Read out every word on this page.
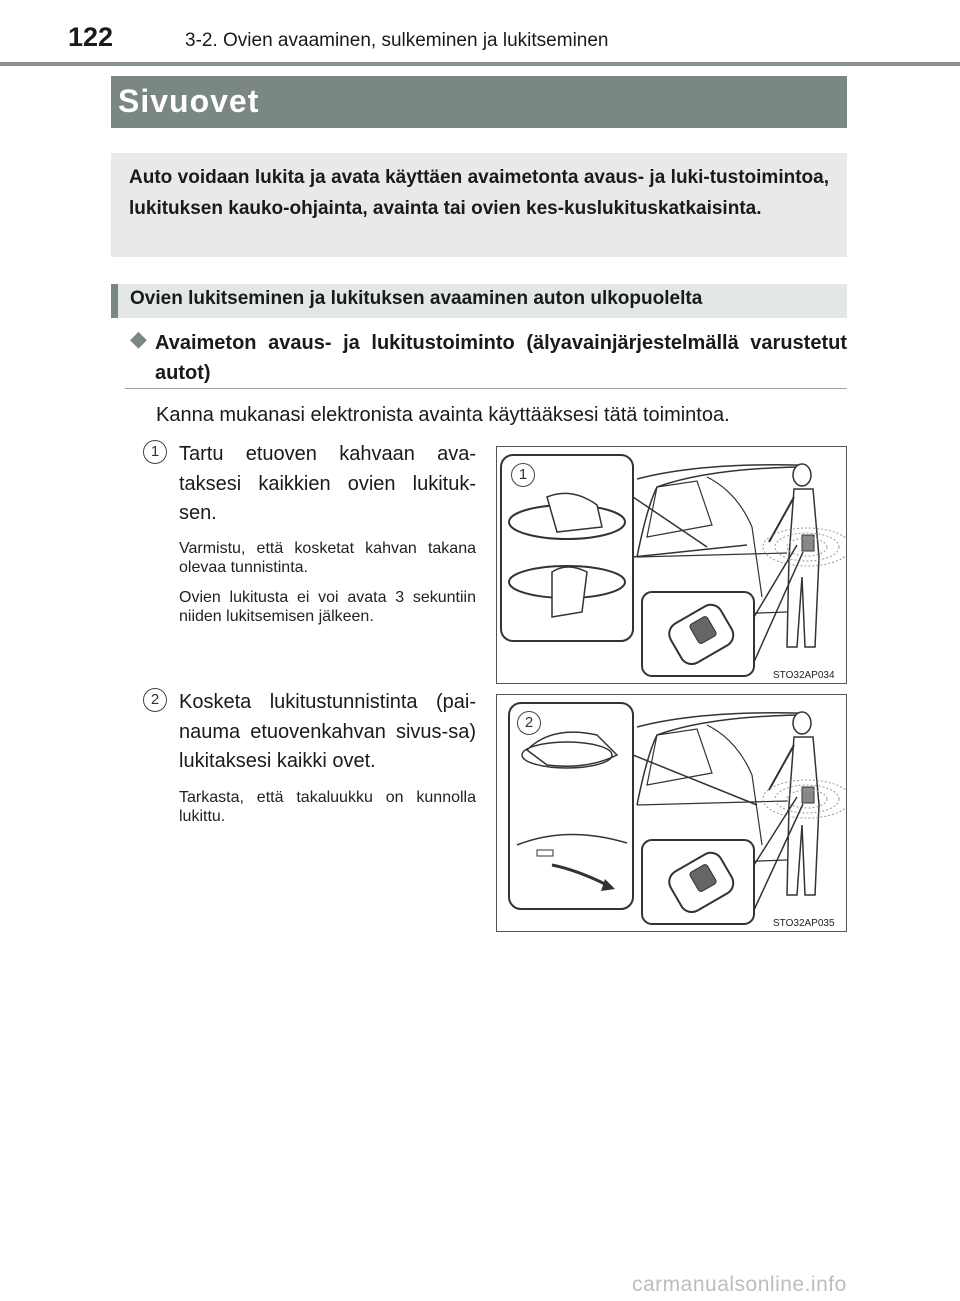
122	3-2. Ovien avaaminen, sulkeminen ja lukitseminen
Sivuovet
Auto voidaan lukita ja avata käyttäen avaimetonta avaus- ja luki-tustoimintoa, lukituksen kauko-ohjainta, avainta tai ovien kes-kuslukituskatkaisinta.
Ovien lukitseminen ja lukituksen avaaminen auton ulkopuolelta
◆ Avaimeton avaus- ja lukitustoiminto (älyavainjärjestelmällä varustetut autot)
Kanna mukanasi elektronista avainta käyttääksesi tätä toimintoa.
1 Tartu etuoven kahvaan ava-taksesi kaikkien ovien lukituk-sen.
Varmistu, että kosketat kahvan takana olevaa tunnistinta.
Ovien lukitusta ei voi avata 3 sekuntiin niiden lukitsemisen jälkeen.
1
STO32AP034
2 Kosketa lukitustunnistinta (pai-nauma etuovenkahvan sivus-sa) lukitaksesi kaikki ovet.
Tarkasta, että takaluukku on kunnolla lukittu.
2
STO32AP035
carmanualsonline.info
